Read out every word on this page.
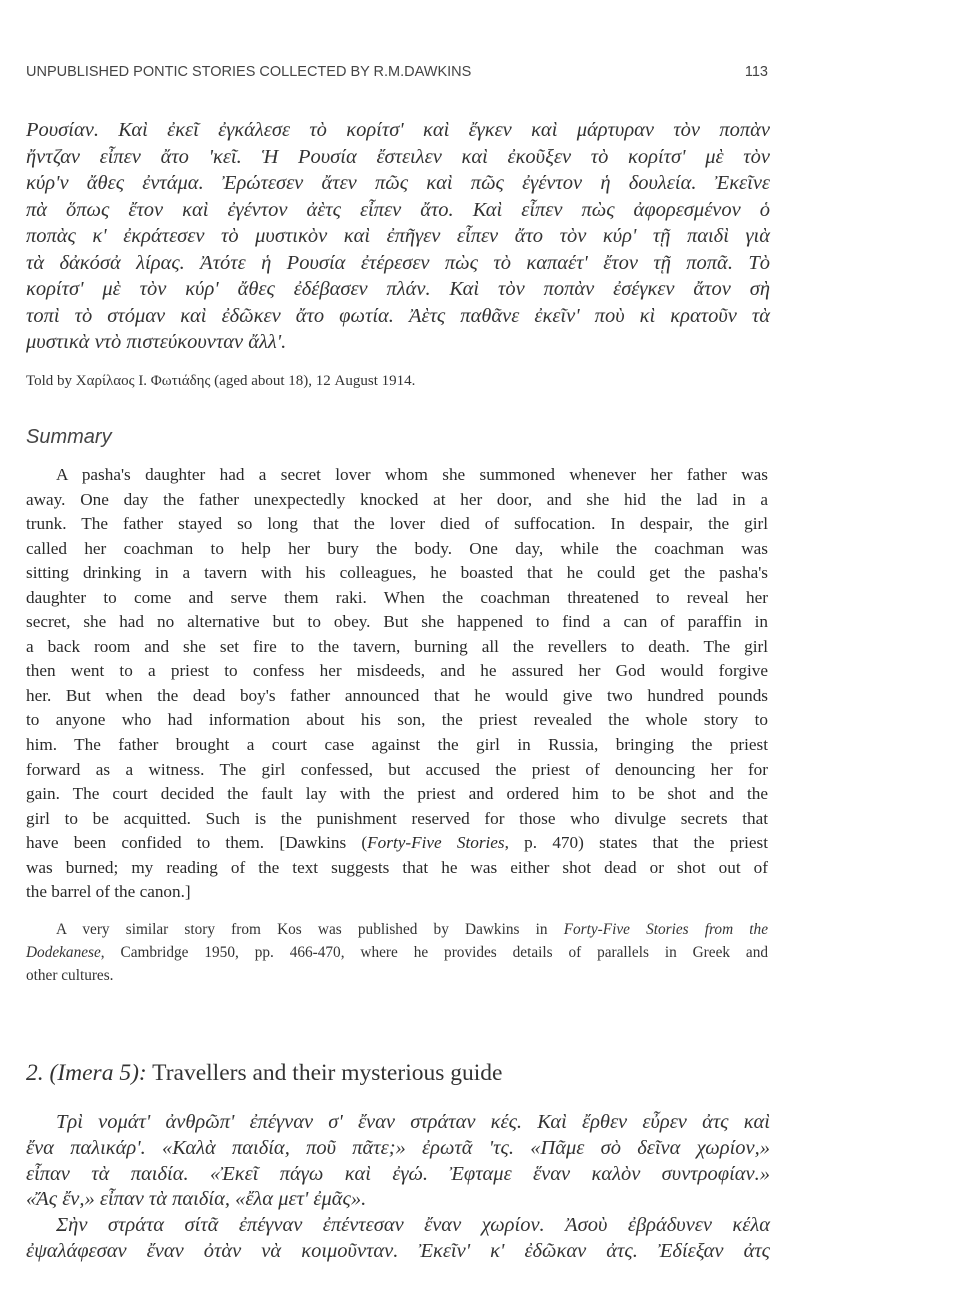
UNPUBLISHED PONTIC STORIES COLLECTED BY R.M.DAWKINS	113
Ρουσίαν. Καὶ ἐκεῖ ἐγκάλεσε τὸ κορίτσ' καὶ ἔγκεν καὶ μάρτυραν τὸν ποπὰν
ἤντζαν εἶπεν ἄτο 'κεῖ. Ἡ Ρουσία ἔστειλεν καὶ ἐκοῦξεν τὸ κορίτσ' μὲ τὸν
κύρ'ν ἄθες ἐντάμα. Ἐρώτεσεν ἄτεν πῶς καὶ πῶς ἐγέντον ἡ δουλεία. Ἐκεῖνε
πὰ ὅπως ἔτον καὶ ἐγέντον ἀὲτς εἶπεν ἄτο. Καὶ εἶπεν πὼς ἀφορεσμένον ὁ
ποπὰς κ' ἐκράτεσεν τὸ μυστικὸν καὶ ἐπῆγεν εἶπεν ἄτο τὸν κύρ' τῇ παιδὶ γιὰ
τὰ δἀκόσἀ λίρας. Ἀτότε ἡ Ρουσία ἐτέρεσεν πὼς τὸ καπαέτ' ἔτον τῇ ποπᾶ. Τὸ
κορίτσ' μὲ τὸν κύρ' ἄθες ἐδέβασεν πλάν. Καὶ τὸν ποπὰν ἐσέγκεν ἄτον σὴ
τοπὶ τὸ στόμαν καὶ ἐδῶκεν ἄτο φωτία. Ἀὲτς παθᾶνε ἐκεῖν' ποὺ κὶ κρατοῦν τὰ
μυστικὰ ντὸ πιστεύκουνταν ἄλλ'.
Told by Χαρίλαος Ι. Φωτιάδης (aged about 18), 12 August 1914.
Summary
A pasha's daughter had a secret lover whom she summoned whenever her father was
away. One day the father unexpectedly knocked at her door, and she hid the lad in a
trunk. The father stayed so long that the lover died of suffocation. In despair, the girl
called her coachman to help her bury the body. One day, while the coachman was
sitting drinking in a tavern with his colleagues, he boasted that he could get the pasha's
daughter to come and serve them raki. When the coachman threatened to reveal her
secret, she had no alternative but to obey. But she happened to find a can of paraffin in
a back room and she set fire to the tavern, burning all the revellers to death. The girl
then went to a priest to confess her misdeeds, and he assured her God would forgive
her. But when the dead boy's father announced that he would give two hundred pounds
to anyone who had information about his son, the priest revealed the whole story to
him. The father brought a court case against the girl in Russia, bringing the priest
forward as a witness. The girl confessed, but accused the priest of denouncing her for
gain. The court decided the fault lay with the priest and ordered him to be shot and the
girl to be acquitted. Such is the punishment reserved for those who divulge secrets that
have been confided to them. [Dawkins (Forty-Five Stories, p. 470) states that the priest
was burned; my reading of the text suggests that he was either shot dead or shot out of
the barrel of the canon.]
A very similar story from Kos was published by Dawkins in Forty-Five Stories from the
Dodekanese, Cambridge 1950, pp. 466-470, where he provides details of parallels in Greek and
other cultures.
2. (Imera 5): Travellers and their mysterious guide
Τρὶ νομάτ' ἀνθρῶπ' ἐπέγναν σ' ἔναν στράταν κές. Καὶ ἔρθεν εὖρεν ἀτς καὶ
ἔνα παλικάρ'. «Καλὰ παιδία, ποῦ πᾶτε;» ἐρωτᾶ 'τς. «Πᾶμε σὸ δεῖνα χωρίον,»
εἶπαν τὰ παιδία. «Ἐκεῖ πάγω καὶ ἐγώ. Ἐφταμε ἕναν καλὸν συντροφίαν.»
«Ἄς ἔν,» εἶπαν τὰ παιδία, «ἔλα μετ' ἐμᾶς».
Σὴν στράτα σίτᾶ ἐπέγναν ἐπέντεσαν ἔναν χωρίον. Ἀσοὺ ἐβράδυνεν κέλα
ἐψαλάφεσαν ἔναν ὀτὰν νὰ κοιμοῦνταν. Ἐκεῖν' κ' ἐδῶκαν ἀτς. Ἐδίεξαν ἀτς
